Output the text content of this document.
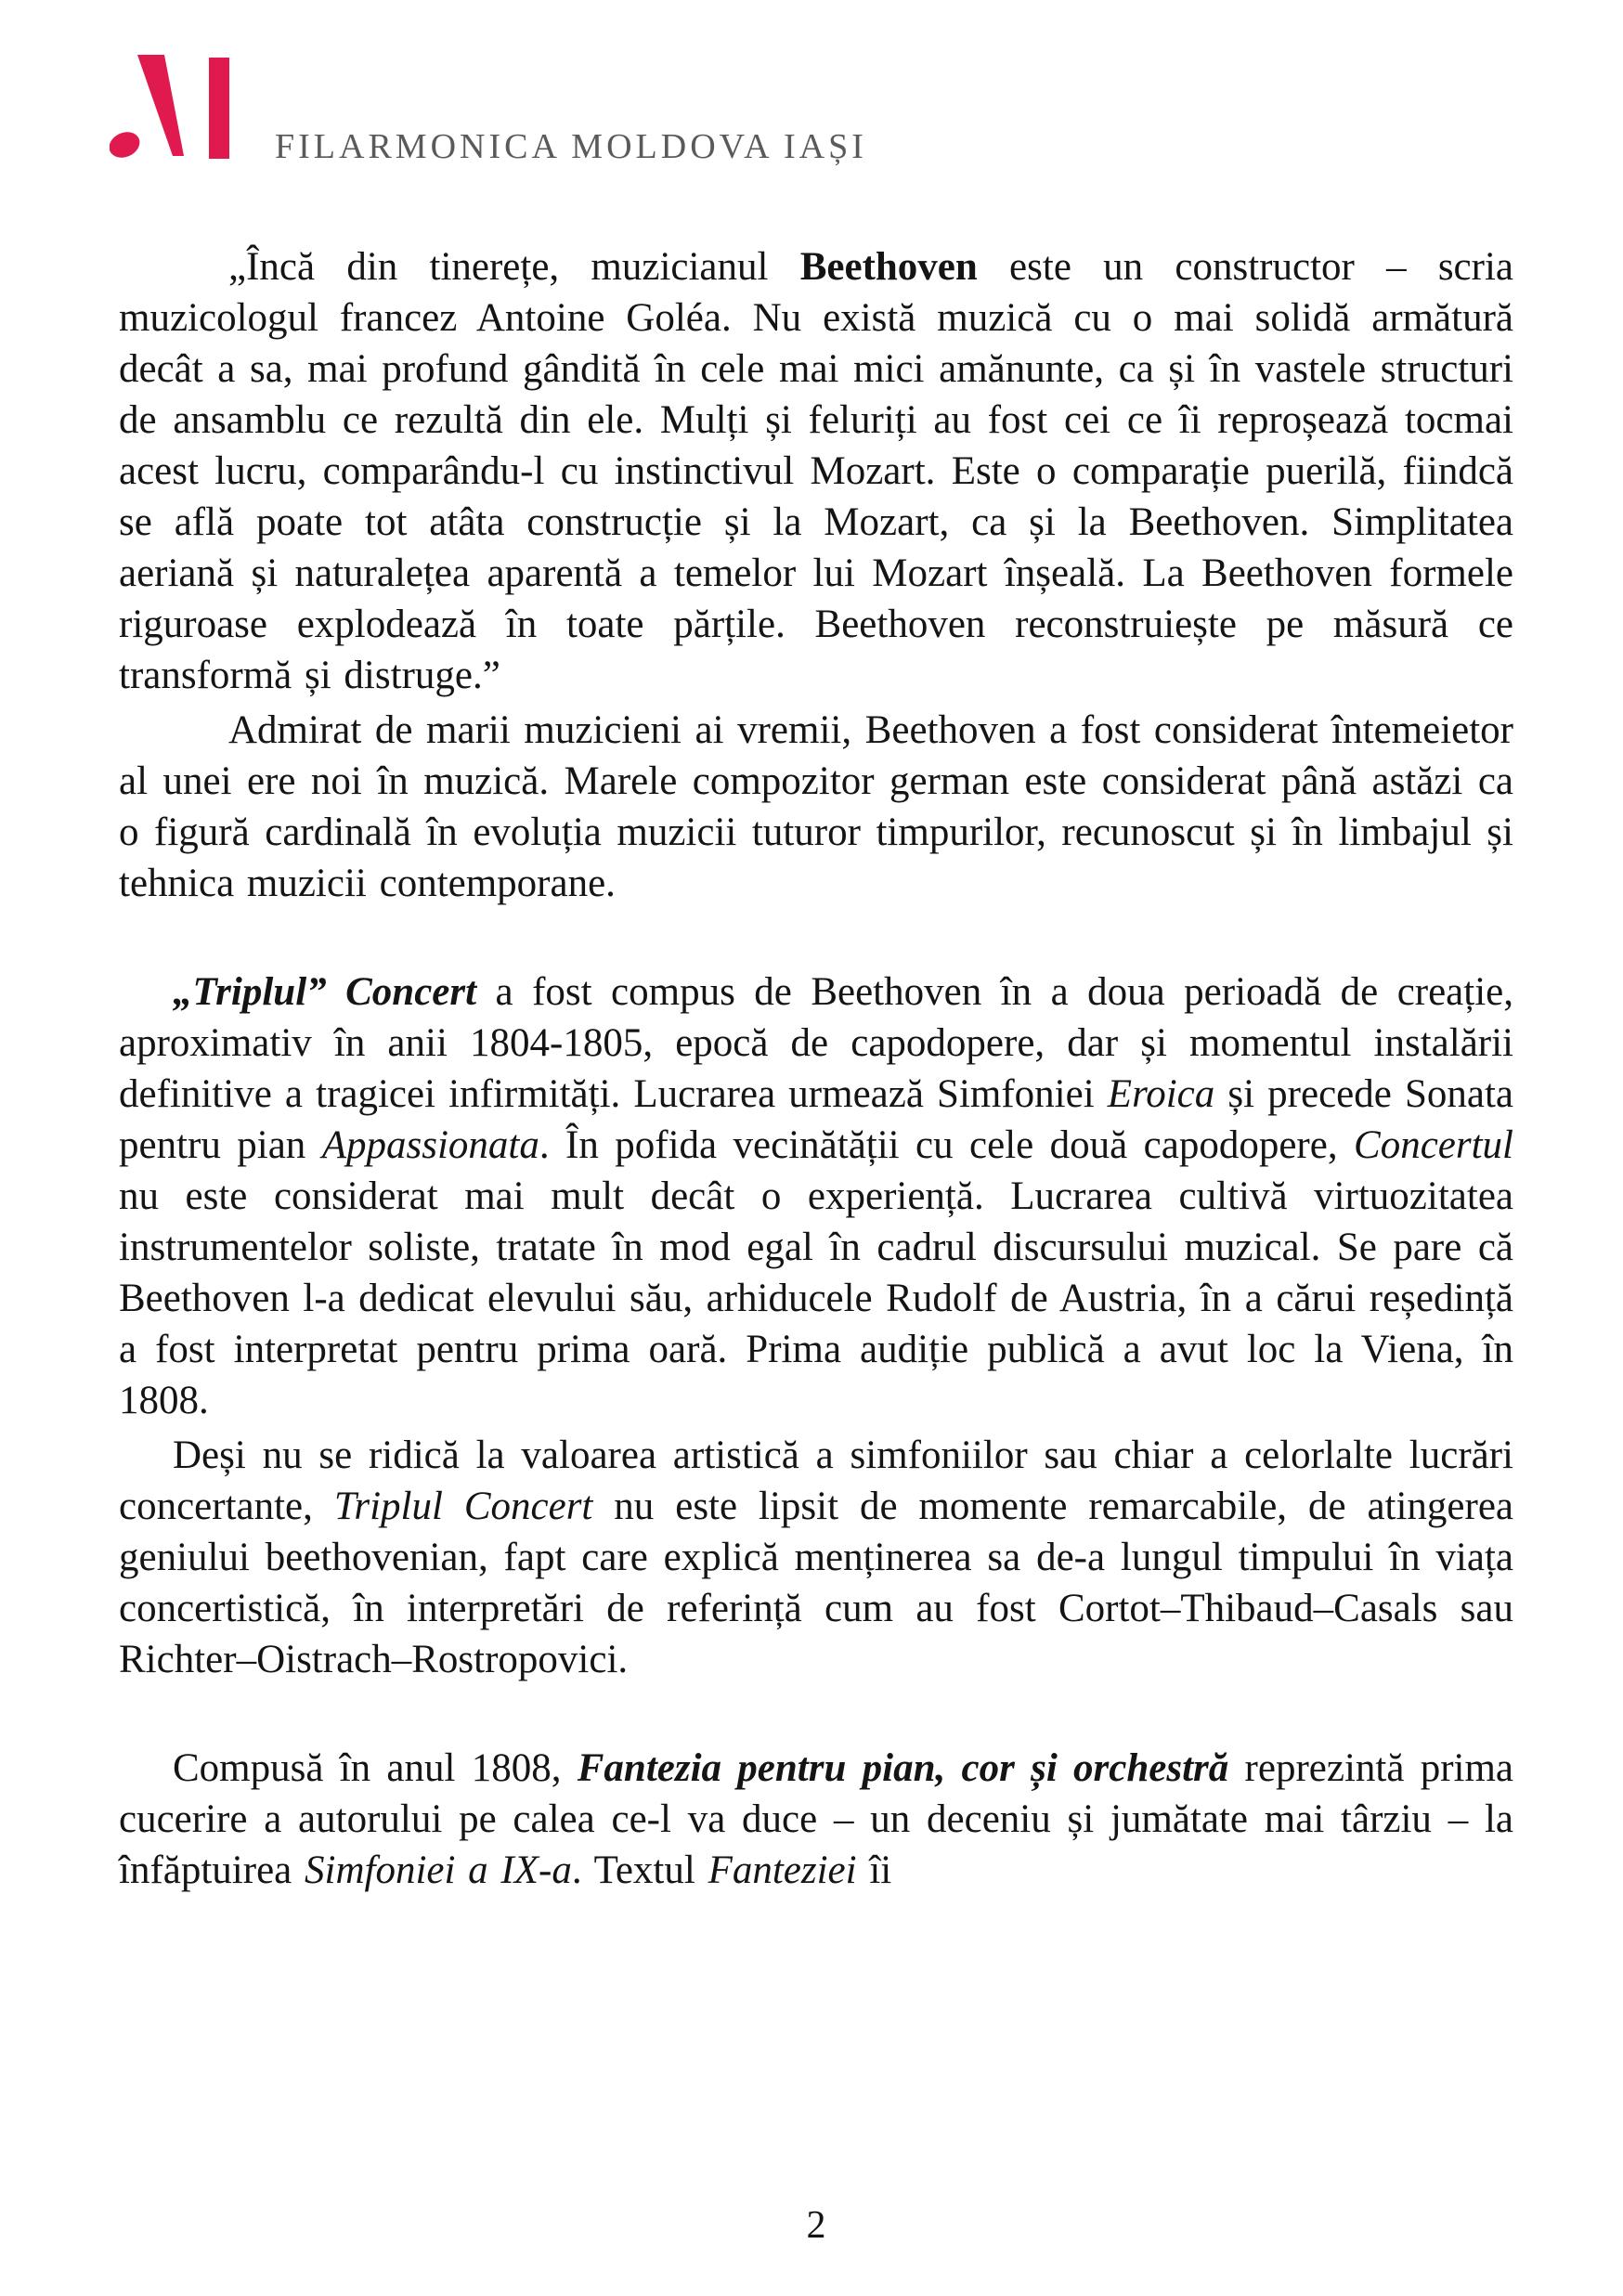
FILARMONICA MOLDOVA IAȘI

„Încă din tinerețe, muzicianul Beethoven este un constructor – scria muzicologul francez Antoine Goléa. Nu există muzică cu o mai solidă armătură decât a sa, mai profund gândită în cele mai mici amănunte, ca și în vastele structuri de ansamblu ce rezultă din ele. Mulți și feluriți au fost cei ce îi reproșează tocmai acest lucru, comparându-l cu instinctivul Mozart. Este o comparație puerilă, fiindcă se află poate tot atâta construcție și la Mozart, ca și la Beethoven. Simplitatea aeriană și naturalețea aparentă a temelor lui Mozart înșeală. La Beethoven formele riguroase explodează în toate părțile. Beethoven reconstruiește pe măsură ce transformă și distruge.”

Admirat de marii muzicieni ai vremii, Beethoven a fost considerat întemeietor al unei ere noi în muzică. Marele compozitor german este considerat până astăzi ca o figură cardinală în evoluția muzicii tuturor timpurilor, recunoscut și în limbajul și tehnica muzicii contemporane.

„Triplul” Concert a fost compus de Beethoven în a doua perioadă de creație, aproximativ în anii 1804-1805, epocă de capodopere, dar și momentul instalării definitive a tragicei infirmități. Lucrarea urmează Simfoniei Eroica și precede Sonata pentru pian Appassionata. În pofida vecinătății cu cele două capodopere, Concertul nu este considerat mai mult decât o experiență. Lucrarea cultivă virtuozitatea instrumentelor soliste, tratate în mod egal în cadrul discursului muzical. Se pare că Beethoven l-a dedicat elevului său, arhiducele Rudolf de Austria, în a cărui reședință a fost interpretat pentru prima oară. Prima audiție publică a avut loc la Viena, în 1808.

Deși nu se ridică la valoarea artistică a simfoniilor sau chiar a celorlalte lucrări concertante, Triplul Concert nu este lipsit de momente remarcabile, de atingerea geniului beethovenian, fapt care explică menținerea sa de-a lungul timpului în viața concertistică, în interpretări de referință cum au fost Cortot–Thibaud–Casals sau Richter–Oistrach–Rostropovici.

Compusă în anul 1808, Fantezia pentru pian, cor și orchestră reprezintă prima cucerire a autorului pe calea ce-l va duce – un deceniu și jumătate mai târziu – la înfăptuirea Simfoniei a IX-a. Textul Fanteziei îi

2
